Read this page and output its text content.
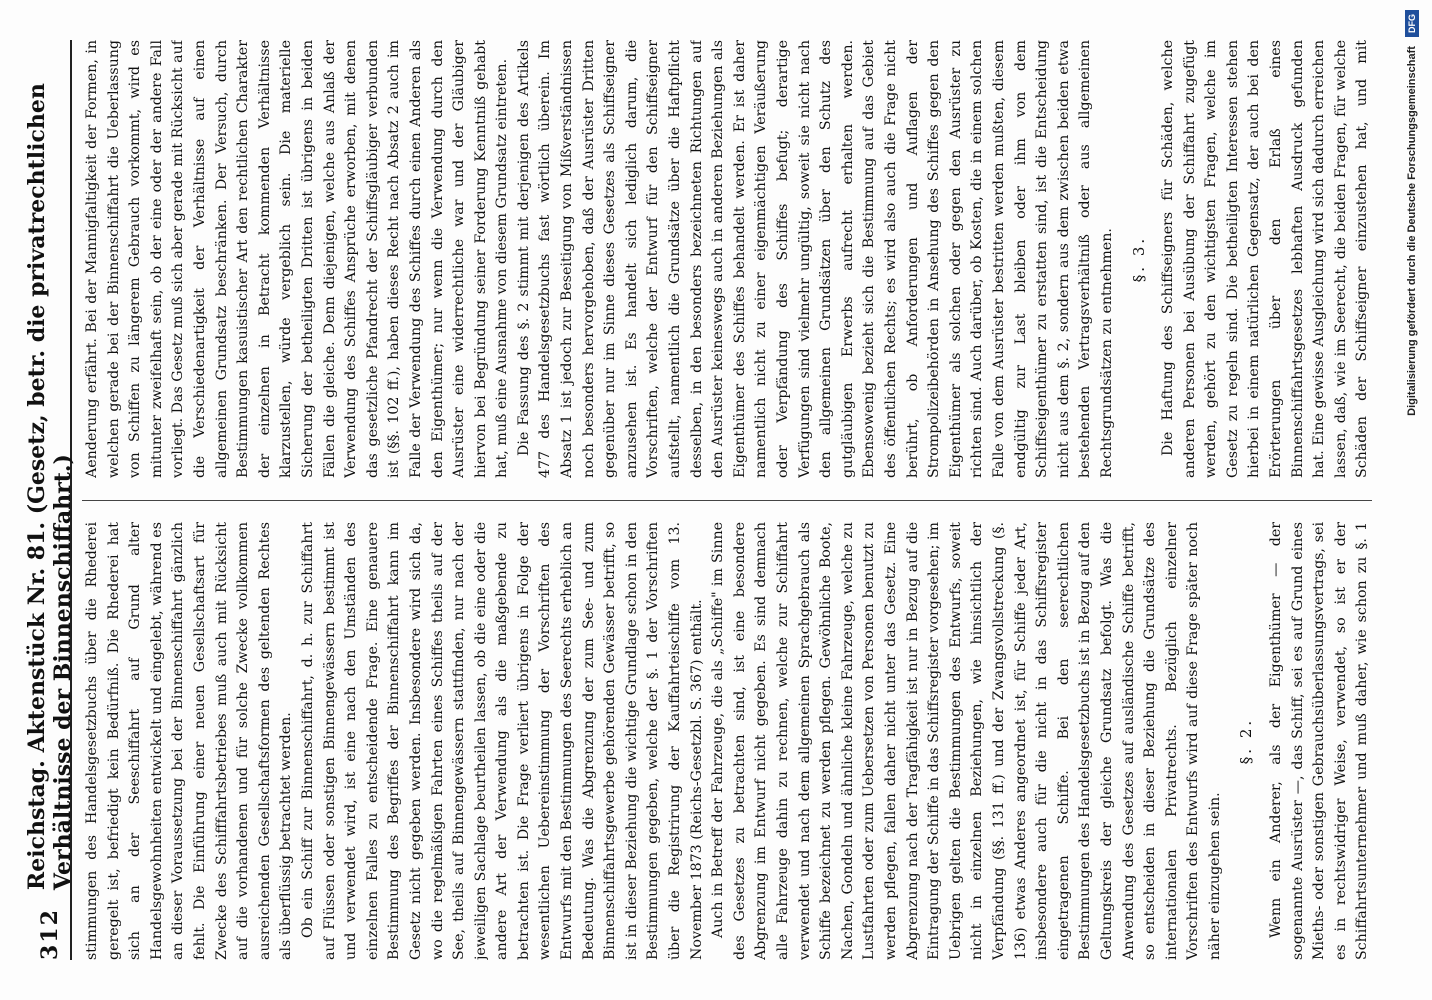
312
Reichstag. Aktenstück Nr. 81. (Gesetz, betr. die privatrechtlichen Verhältnisse der Binnenschiffahrt.) stimmungen des Handelsgesetzbuchs über die Rhederei geregelt ist, befriedigt kein Bedürfniß. Die Rhederei hat sich an der Seeschiffahrt auf Grund alter Handelsgewohnheiten entwickelt und eingelebt, während es an dieser Voraussetzung bei der Binnenschiffahrt gänzlich fehlt. Die Einführung einer neuen Gesellschaftsart für Zwecke des Schifffahrtsbetriebes muß auch mit Rücksicht auf die vorhandenen und für solche Zwecke vollkommen ausreichenden Gesellschaftsformen des geltenden Rechtes als überflüssig betrachtet werden. Ob ein Schiff zur Binnenschiffahrt, d. h. zur Schiffahrt auf Flüssen oder sonstigen Binnengewässern bestimmt ist und verwendet wird, ist eine nach den Umständen des einzelnen Falles zu entscheidende Frage. Eine genauere Bestimmung des Begriffes der Binnenschiffahrt kann im Gesetz nicht gegeben werden. Insbesondere wird sich da, wo die regelmäßigen Fahrten eines Schiffes theils auf der See, theils auf Binnengewässern stattfinden, nur nach der jeweiligen Sachlage beurtheilen lassen, ob die eine oder die andere Art der Verwendung als die maßgebende zu betrachten ist. Die Frage verliert übrigens in Folge der wesentlichen Uebereinstimmung der Vorschriften des Entwurfs mit den Bestimmungen des Seerechts erheblich an Bedeutung. Was die Abgrenzung der zum See- und zum Binnenschiffahrtsgewerbe gehörenden Gewässer betrifft, so ist in dieser Beziehung die wichtige Grundlage schon in den Bestimmungen gegeben, welche der §. 1 der Vorschriften über die Registrirung der Kauffahrteischiffe vom 13. November 1873 (Reichs-Gesetzbl. S. 367) enthält. Auch in Betreff der Fahrzeuge, die als „Schiffe" im Sinne des Gesetzes zu betrachten sind, ist eine besondere Abgrenzung im Entwurf nicht gegeben. Es sind demnach alle Fahrzeuge dahin zu rechnen, welche zur Schiffahrt verwendet und nach dem allgemeinen Sprachgebrauch als Schiffe bezeichnet zu werden pflegen. Gewöhnliche Boote, Nachen, Gondeln und ähnliche kleine Fahrzeuge, welche zu Lustfahrten oder zum Uebersetzen von Personen benutzt zu werden pflegen, fallen daher nicht unter das Gesetz. Eine Abgrenzung nach der Tragfähigkeit ist nur in Bezug auf die Eintragung der Schiffe in das Schiffsregister vorgesehen; im Uebrigen gelten die Bestimmungen des Entwurfs, soweit nicht in einzelnen Beziehungen, wie hinsichtlich der Verpfändung (§§. 131 ff.) und der Zwangsvollstreckung (§. 136) etwas Anderes angeordnet ist, für Schiffe jeder Art, insbesondere auch für die nicht in das Schiffsregister eingetragenen Schiffe. Bei den seerechtlichen Bestimmungen des Handelsgesetzbuchs ist in Bezug auf den Geltungskreis der gleiche Grundsatz befolgt. Was die Anwendung des Gesetzes auf ausländische Schiffe betrifft, so entscheiden in dieser Beziehung die Grundsätze des internationalen Privatrechts. Bezüglich einzelner Vorschriften des Entwurfs wird auf diese Frage später noch näher einzugehen sein.

§. 2.

Wenn ein Anderer, als der Eigenthümer — der sogenannte Ausrüster —, das Schiff, sei es auf Grund eines Mieths- oder sonstigen Gebrauchsüberlassungsvertrags, sei es in rechtswidriger Weise, verwendet, so ist er der Schiffahrtsunternehmer und muß daher, wie schon zu §. 1

Aenderung erfährt. Bei der Mannigfaltigkeit der Formen, in welchen gerade bei der Binnenschiffahrt die Ueberlassung von Schiffen zu längerem Gebrauch vorkommt, wird es mitunter zweifelhaft sein, ob der eine oder der andere Fall vorliegt. Das Gesetz muß sich aber gerade mit Rücksicht auf die Verschiedenartigkeit der Verhältnisse auf einen allgemeinen Grundsatz beschränken. Der Versuch, durch Bestimmungen kasuistischer Art den rechtlichen Charakter der einzelnen in Betracht kommenden Verhältnisse klarzustellen, würde vergeblich sein. Die materielle Sicherung der betheiligten Dritten ist übrigens in beiden Fällen die gleiche. Denn diejenigen, welche aus Anlaß der Verwendung des Schiffes Ansprüche erworben, mit denen das gesetzliche Pfandrecht der Schiffsgläubiger verbunden ist (§§. 102 ff.), haben dieses Recht nach Absatz 2 auch im Falle der Verwendung des Schiffes durch einen Anderen als den Eigenthümer; nur wenn die Verwendung durch den Ausrüster eine widerrechtliche war und der Gläubiger hiervon bei Begründung seiner Forderung Kenntniß gehabt hat, muß eine Ausnahme von diesem Grundsatz eintreten. Die Fassung des §. 2 stimmt mit derjenigen des Artikels 477 des Handelsgesetzbuchs fast wörtlich überein. Im Absatz 1 ist jedoch zur Beseitigung von Mißverständnissen noch besonders hervorgehoben, daß der Ausrüster Dritten gegenüber nur im Sinne dieses Gesetzes als Schiffseigner anzusehen ist. Es handelt sich lediglich darum, die Vorschriften, welche der Entwurf für den Schiffseigner aufstellt, namentlich die Grundsätze über die Haftpflicht desselben, in den besonders bezeichneten Richtungen auf den Ausrüster keineswegs auch in anderen Beziehungen als Eigenthümer des Schiffes behandelt werden. Er ist daher namentlich nicht zu einer eigenmächtigen Veräußerung oder Verpfändung des Schiffes befugt; derartige Verfügungen sind vielmehr ungültig, soweit sie nicht nach den allgemeinen Grundsätzen über den Schutz des gutgläubigen Erwerbs aufrecht erhalten werden. Ebensowenig bezieht sich die Bestimmung auf das Gebiet des öffentlichen Rechts; es wird also auch die Frage nicht berührt, ob Anforderungen und Auflagen der Strompolizeibehörden in Ansehung des Schiffes gegen den Eigenthümer als solchen oder gegen den Ausrüster zu richten sind. Auch darüber, ob Kosten, die in einem solchen Falle von dem Ausrüster bestritten werden mußten, diesem endgültig zur Last bleiben oder ihm von dem Schiffseigenthümer zu erstatten sind, ist die Entscheidung nicht aus dem §. 2, sondern aus dem zwischen beiden etwa bestehenden Vertragsverhältniß oder aus allgemeinen Rechtsgrundsätzen zu entnehmen. §. 3.

Die Haftung des Schiffseigners für Schäden, welche anderen Personen bei Ausübung der Schiffahrt zugefügt werden, gehört zu den wichtigsten Fragen, welche im Gesetz zu regeln sind. Die betheiligten Interessen stehen hierbei in einem natürlichen Gegensatz, der auch bei den Erörterungen über den Erlaß eines Binnenschiffahrtsgesetzes lebhaften Ausdruck gefunden hat. Eine gewisse Ausgleichung wird sich dadurch erreichen lassen, daß, wie im Seerecht, die beiden Fragen, für welche Schäden der Schiffseigner einzustehen hat, und mit	Digitalisierung gefördert durch die Deutsche Forschungsgemeinschaft DFG
